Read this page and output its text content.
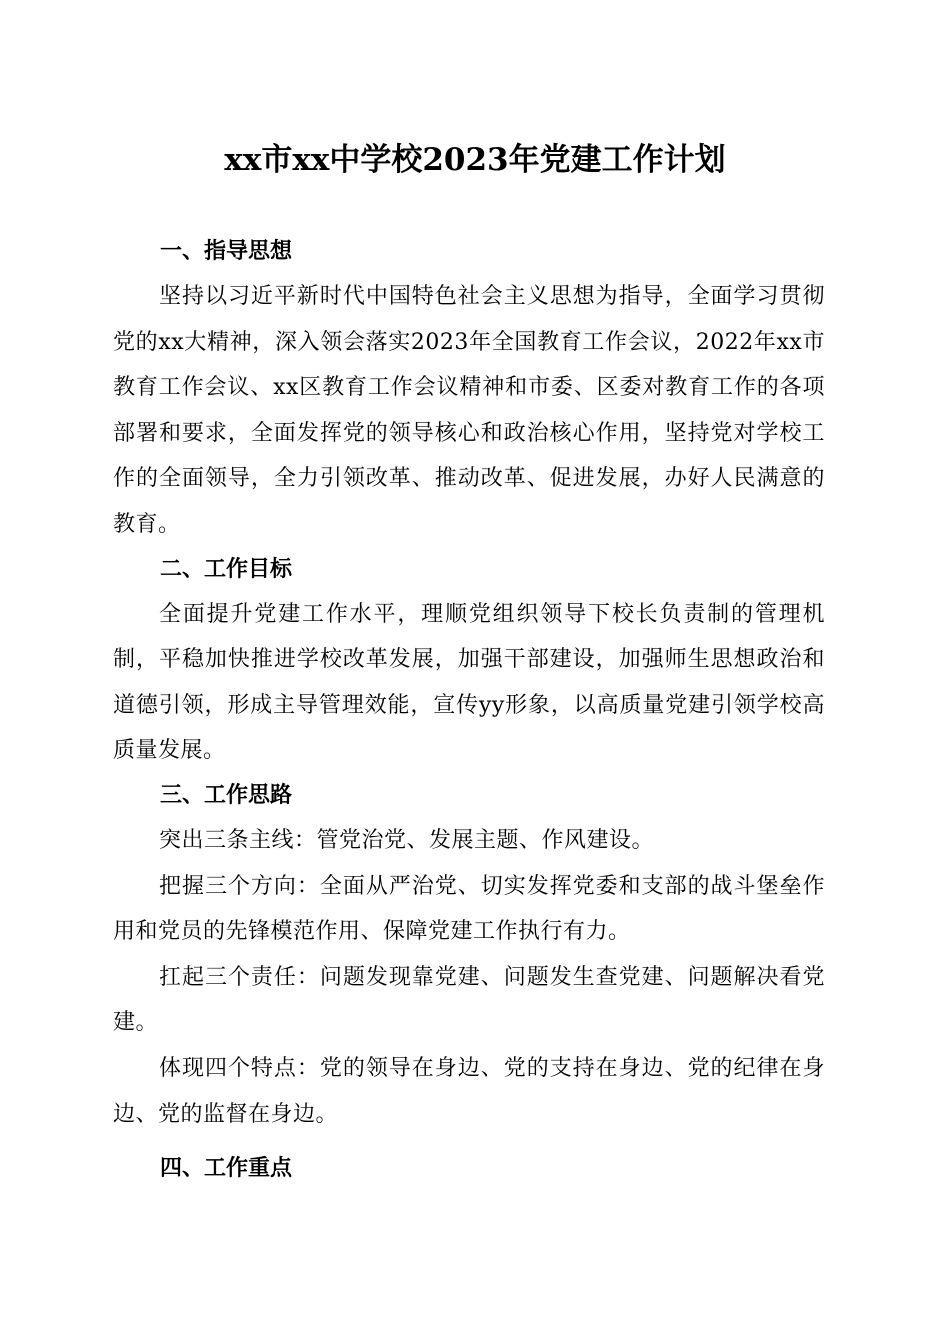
xx市xx中学校2023年党建工作计划
一、指导思想

坚持以习近平新时代中国特色社会主义思想为指导，全面学习贯彻党的xx大精神，深入领会落实2023年全国教育工作会议，2022年xx市教育工作会议、xx区教育工作会议精神和市委、区委对教育工作的各项部署和要求，全面发挥党的领导核心和政治核心作用，坚持党对学校工作的全面领导，全力引领改革、推动改革、促进发展，办好人民满意的教育。

二、工作目标

全面提升党建工作水平，理顺党组织领导下校长负责制的管理机制，平稳加快推进学校改革发展，加强干部建设，加强师生思想政治和道德引领，形成主导管理效能，宣传yy形象，以高质量党建引领学校高质量发展。

三、工作思路

突出三条主线：管党治党、发展主题、作风建设。

把握三个方向：全面从严治党、切实发挥党委和支部的战斗堡垒作用和党员的先锋模范作用、保障党建工作执行有力。

扛起三个责任：问题发现靠党建、问题发生查党建、问题解决看党建。

体现四个特点：党的领导在身边、党的支持在身边、党的纪律在身边、党的监督在身边。

四、工作重点
